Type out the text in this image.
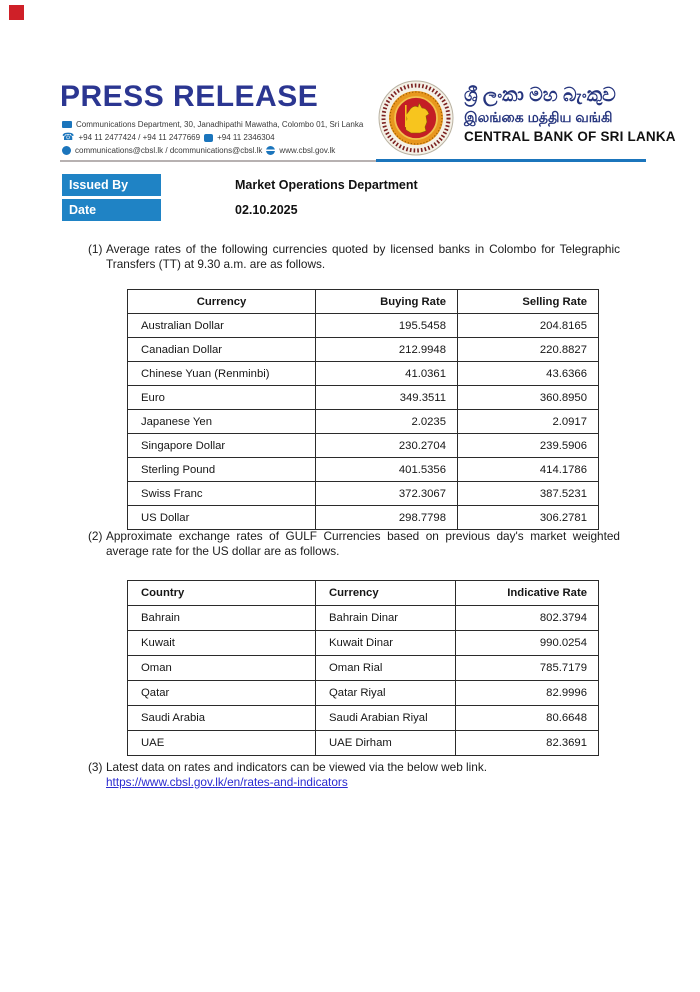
PRESS RELEASE
Communications Department, 30, Janadhipathi Mawatha, Colombo 01, Sri Lanka
☎ +94 11 2477424 / +94 11 2477669 +94 11 2346304
communications@cbsl.lk / dcommunications@cbsl.lk www.cbsl.gov.lk
ශ්‍රී ලංකා මහ බැංකුව
இலங்கை மத்திய வங்கி
CENTRAL BANK OF SRI LANKA
Issued By	Market Operations Department
Date	02.10.2025
(1) Average rates of the following currencies quoted by licensed banks in Colombo for Telegraphic Transfers (TT) at 9.30 a.m. are as follows.
Currency	Buying Rate	Selling Rate
Australian Dollar	195.5458	204.8165
Canadian Dollar	212.9948	220.8827
Chinese Yuan (Renminbi)	41.0361	43.6366
Euro	349.3511	360.8950
Japanese Yen	2.0235	2.0917
Singapore Dollar	230.2704	239.5906
Sterling Pound	401.5356	414.1786
Swiss Franc	372.3067	387.5231
US Dollar	298.7798	306.2781
(2) Approximate exchange rates of GULF Currencies based on previous day's market weighted average rate for the US dollar are as follows.
Country	Currency	Indicative Rate
Bahrain	Bahrain Dinar	802.3794
Kuwait	Kuwait Dinar	990.0254
Oman	Oman Rial	785.7179
Qatar	Qatar Riyal	82.9996
Saudi Arabia	Saudi Arabian Riyal	80.6648
UAE	UAE Dirham	82.3691
(3) Latest data on rates and indicators can be viewed via the below web link.
https://www.cbsl.gov.lk/en/rates-and-indicators
